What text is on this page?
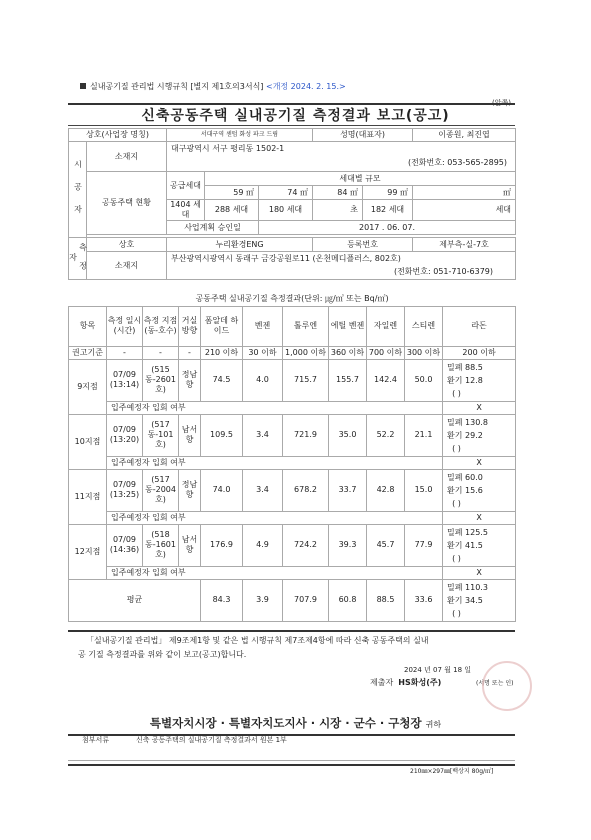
실내공기질 관리법 시행규칙 [별지 제1호의3서식] <개정 2024. 2. 15.>
신축공동주택 실내공기질 측정결과 보고(공고)
상호(사업장 명칭)		서대구역 센텀 화성 파크 드림			성명(대표자)		이종원, 최진엽
시 공 자	소재지	대구광역시 서구 평리동 1502-1
(전화번호: 053-565-2895)					

	공동주택 현황	공급세대	세대별 규모				
			59 ㎡	74 ㎡	84 ㎡	99 ㎡	㎡
		1404 세대	288 세대	180 세대	초	182 세대	세대
		사업계획 승인일		2017 . 06. 07.			

측 정 자	상호	누리환경ENG			등록번호		제부측-실-7호
	소재지	부산광역시광역시 동래구 금강공원로11 (온천메디플러스, 802호)
(전화번호: 051-710-6379)					
공동주택 실내공기질 측정결과(단위: ㎍/㎥ 또는 Bq/㎥)										
항목	측정 일시 (시간)	측정 지점 (동-호수)	거실 방향	폼알데 하이드	벤젠	톨루엔	에틸 벤젠	자일렌	스티렌	라돈
권고기준	-	-	-	210 이하	30 이하	1,000 이하	360 이하	700 이하	300 이하	200 이하
9지점	07/09
(13:14)	(515동-2601호)	정남향	74.5	4.0	715.7	155.7	142.4	50.0	밀폐 88.5
환기 12.8
( )
	입주예정자 입회 여부									X
10지점	07/09
(13:20)	(517동-101호)	남서향	109.5	3.4	721.9	35.0	52.2	21.1	밀폐 130.8
환기 29.2
( )
	입주예정자 입회 여부									X
11지점	07/09
(13:25)	(517동-2004호)	정남향	74.0	3.4	678.2	33.7	42.8	15.0	밀폐 60.0
환기 15.6
( )
	입주예정자 입회 여부									X
12지점	07/09
(14:36)	(518동-1601호)	남서향	176.9	4.9	724.2	39.3	45.7	77.9	밀폐 125.5
환기 41.5
( )
	입주예정자 입회 여부									X
평균				84.3	3.9	707.9	60.8	88.5	33.6	밀폐 110.3
환기 34.5
( )
「실내공기질 관리법」 제9조제1항 및 같은 법 시행규칙 제7조제4항에 따라 신축 공동주택의 실내
공 기질 측정결과를 위와 같이 보고(공고)합니다.
2024 년 07 월 18 일
제출자 HS화성(주)	(서명 또는 인)
특별자치시장 · 특별자치도지사 · 시장 · 군수 · 구청장 귀하
첨부서류	신축 공동주택의 실내공기질 측정결과서 원본 1부
210㎜×297㎜[백상지 80g/㎡]
